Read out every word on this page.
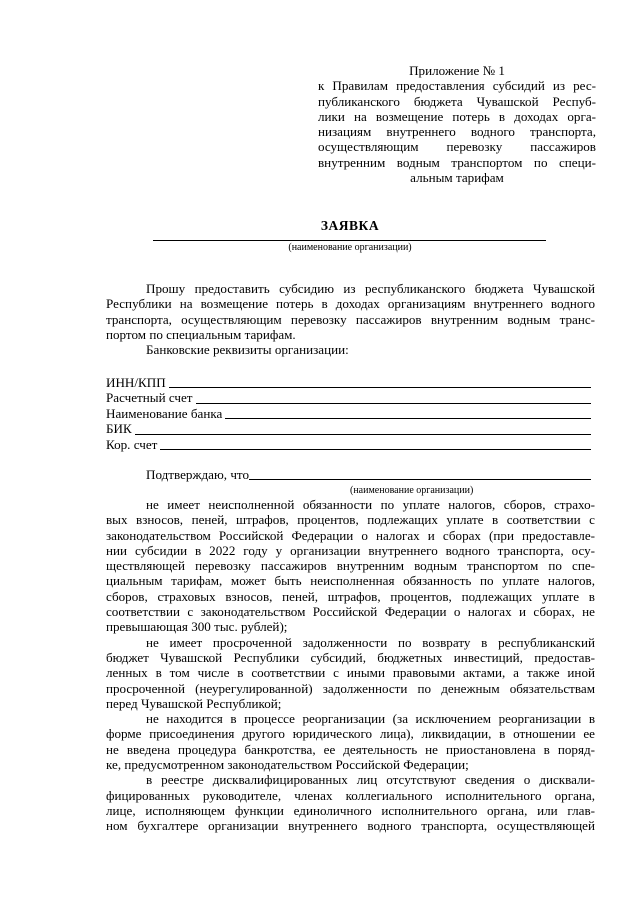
Приложение № 1
к Правилам предоставления субсидий из рес-
публиканского бюджета Чувашской Респуб-
лики на возмещение потерь в доходах орга-
низациям внутреннего водного транспорта,
осуществляющим перевозку пассажиров
внутренним водным транспортом по специ-
альным тарифам
ЗАЯВКА
(наименование организации)
Прошу предоставить субсидию из республиканского бюджета Чувашской
Республики на возмещение потерь в доходах организациям внутреннего водного
транспорта, осуществляющим перевозку пассажиров внутренним водным транс-
портом по специальным тарифам.
Банковские реквизиты организации:
ИНН/КПП
Расчетный счет
Наименование банка
БИК
Кор. счет
Подтверждаю, что
(наименование организации)
не имеет неисполненной обязанности по уплате налогов, сборов, страхо-
вых взносов, пеней, штрафов, процентов, подлежащих уплате в соответствии с
законодательством Российской Федерации о налогах и сборах (при предоставле-
нии субсидии в 2022 году у организации внутреннего водного транспорта, осу-
ществляющей перевозку пассажиров внутренним водным транспортом по спе-
циальным тарифам, может быть неисполненная обязанность по уплате налогов,
сборов, страховых взносов, пеней, штрафов, процентов, подлежащих уплате в
соответствии с законодательством Российской Федерации о налогах и сборах, не
превышающая 300 тыс. рублей);
не имеет просроченной задолженности по возврату в республиканский
бюджет Чувашской Республики субсидий, бюджетных инвестиций, предостав-
ленных в том числе в соответствии с иными правовыми актами, а также иной
просроченной (неурегулированной) задолженности по денежным обязательствам
перед Чувашской Республикой;
не находится в процессе реорганизации (за исключением реорганизации в
форме присоединения другого юридического лица), ликвидации, в отношении ее
не введена процедура банкротства, ее деятельность не приостановлена в поряд-
ке, предусмотренном законодательством Российской Федерации;
в реестре дисквалифицированных лиц отсутствуют сведения о дисквали-
фицированных руководителе, членах коллегиального исполнительного органа,
лице, исполняющем функции единоличного исполнительного органа, или глав-
ном бухгалтере организации внутреннего водного транспорта, осуществляющей
